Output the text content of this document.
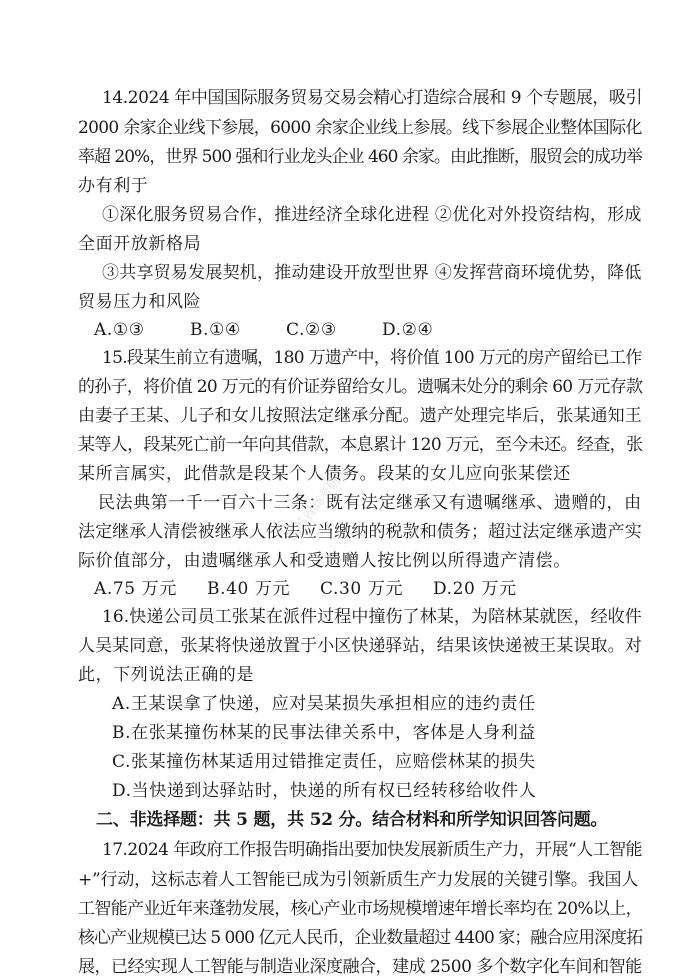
14.2024 年中国国际服务贸易交易会精心打造综合展和 9 个专题展，吸引
2000 余家企业线下参展，6000 余家企业线上参展。线下参展企业整体国际化
率超 20%，世界 500 强和行业龙头企业 460 余家。由此推断，服贸会的成功举
办有利于
①深化服务贸易合作，推进经济全球化进程 ②优化对外投资结构，形成
全面开放新格局
③共享贸易发展契机，推动建设开放型世界 ④发挥营商环境优势，降低
贸易压力和风险
A.①③	B.①④	C.②③	D.②④
15.段某生前立有遗嘱，180 万遗产中，将价值 100 万元的房产留给已工作
的孙子，将价值 20 万元的有价证券留给女儿。遗嘱未处分的剩余 60 万元存款
由妻子王某、儿子和女儿按照法定继承分配。遗产处理完毕后，张某通知王
某等人，段某死亡前一年向其借款，本息累计 120 万元，至今未还。经查，张
某所言属实，此借款是段某个人债务。段某的女儿应向张某偿还
民法典第一千一百六十三条：既有法定继承又有遗嘱继承、遗赠的，由
法定继承人清偿被继承人依法应当缴纳的税款和债务；超过法定继承遗产实
际价值部分，由遗嘱继承人和受遗赠人按比例以所得遗产清偿。
A.75 万元 B.40 万元 C.30 万元 D.20 万元
16.快递公司员工张某在派件过程中撞伤了林某，为陪林某就医，经收件
人吴某同意，张某将快递放置于小区快递驿站，结果该快递被王某误取。对
此，下列说法正确的是
A.王某误拿了快递，应对吴某损失承担相应的违约责任
B.在张某撞伤林某的民事法律关系中，客体是人身利益
C.张某撞伤林某适用过错推定责任，应赔偿林某的损失
D.当快递到达驿站时，快递的所有权已经转移给收件人
二、非选择题：共 5 题，共 52 分。结合材料和所学知识回答问题。
17.2024 年政府工作报告明确指出要加快发展新质生产力，开展“人工智能
+”行动，这标志着人工智能已成为引领新质生产力发展的关键引擎。我国人
工智能产业近年来蓬勃发展，核心产业市场规模增速年增长率均在 20%以上，
核心产业规模已达 5 000 亿元人民币，企业数量超过 4400 家；融合应用深度拓
展，已经实现人工智能与制造业深度融合，建成 2500 多个数字化车间和智能
江苏省高考研究
